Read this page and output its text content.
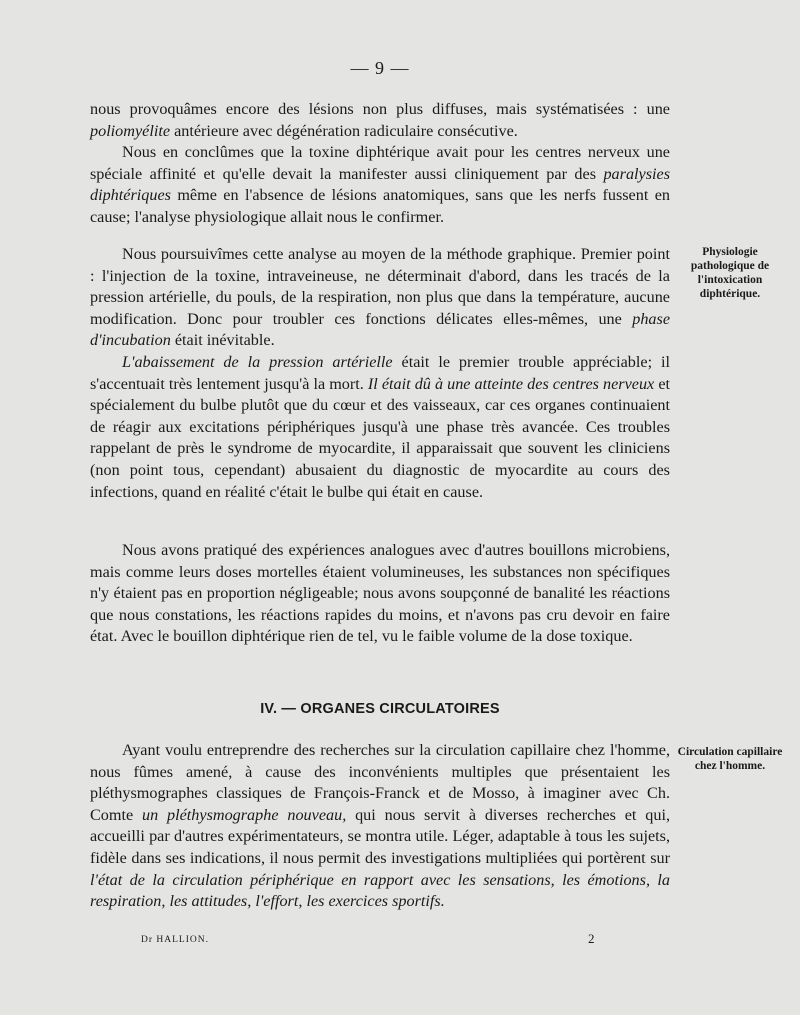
— 9 —

nous provoquâmes encore des lésions non plus diffuses, mais systématisées : une poliomyélite antérieure avec dégénération radiculaire consécutive.

Nous en conclûmes que la toxine diphtérique avait pour les centres nerveux une spéciale affinité et qu'elle devait la manifester aussi cliniquement par des paralysies diphtériques même en l'absence de lésions anatomiques, sans que les nerfs fussent en cause; l'analyse physiologique allait nous le confirmer.

Nous poursuivîmes cette analyse au moyen de la méthode graphique. Premier point : l'injection de la toxine, intraveineuse, ne déterminait d'abord, dans les tracés de la pression artérielle, du pouls, de la respiration, non plus que dans la température, aucune modification. Donc pour troubler ces fonctions délicates elles-mêmes, une phase d'incubation était inévitable.

L'abaissement de la pression artérielle était le premier trouble appréciable; il s'accentuait très lentement jusqu'à la mort. Il était dû à une atteinte des centres nerveux et spécialement du bulbe plutôt que du cœur et des vaisseaux, car ces organes continuaient de réagir aux excitations périphériques jusqu'à une phase très avancée. Ces troubles rappelant de près le syndrome de myocardite, il apparaissait que souvent les cliniciens (non point tous, cependant) abusaient du diagnostic de myocardite au cours des infections, quand en réalité c'était le bulbe qui était en cause.

Physiologie pathologique de l'intoxication diphtérique.

Nous avons pratiqué des expériences analogues avec d'autres bouillons microbiens, mais comme leurs doses mortelles étaient volumineuses, les substances non spécifiques n'y étaient pas en proportion négligeable; nous avons soupçonné de banalité les réactions que nous constations, les réactions rapides du moins, et n'avons pas cru devoir en faire état. Avec le bouillon diphtérique rien de tel, vu le faible volume de la dose toxique.

IV. — ORGANES CIRCULATOIRES

Ayant voulu entreprendre des recherches sur la circulation capillaire chez l'homme, nous fûmes amené, à cause des inconvénients multiples que présentaient les pléthysmographes classiques de François-Franck et de Mosso, à imaginer avec Ch. Comte un pléthysmographe nouveau, qui nous servit à diverses recherches et qui, accueilli par d'autres expérimentateurs, se montra utile. Léger, adaptable à tous les sujets, fidèle dans ses indications, il nous permit des investigations multipliées qui portèrent sur l'état de la circulation périphérique en rapport avec les sensations, les émotions, la respiration, les attitudes, l'effort, les exercices sportifs.

Circulation capillaire chez l'homme.
Dr HALLION.	2
